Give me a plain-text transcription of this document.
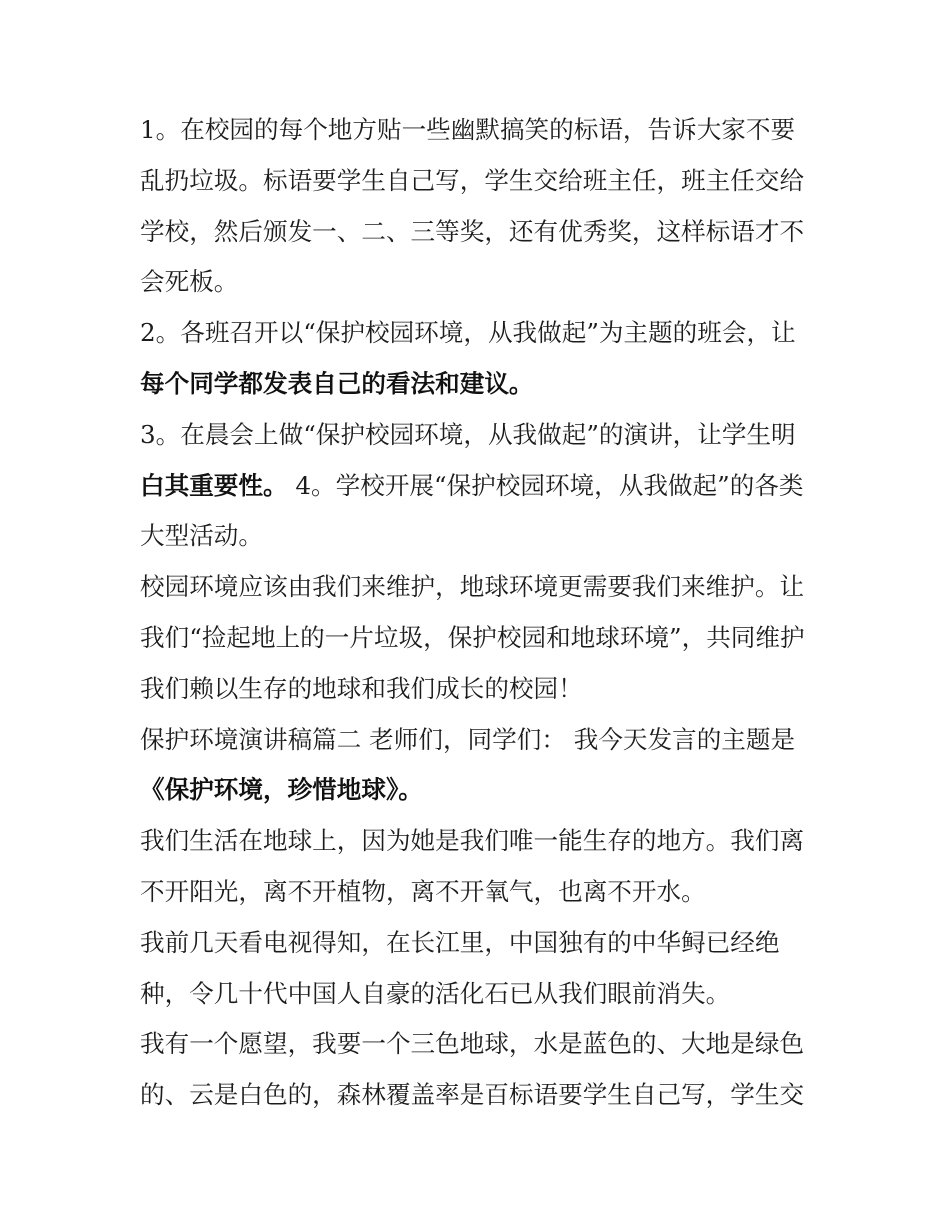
1。在校园的每个地方贴一些幽默搞笑的标语，告诉大家不要
乱扔垃圾。标语要学生自己写，学生交给班主任，班主任交给
学校，然后颁发一、二、三等奖，还有优秀奖，这样标语才不
会死板。
2。各班召开以“保护校园环境，从我做起”为主题的班会，让
每个同学都发表自己的看法和建议。
3。在晨会上做“保护校园环境，从我做起”的演讲，让学生明
白其重要性。 4。学校开展“保护校园环境，从我做起”的各类
大型活动。
校园环境应该由我们来维护，地球环境更需要我们来维护。让
我们“捡起地上的一片垃圾，保护校园和地球环境”，共同维护
我们赖以生存的地球和我们成长的校园！
保护环境演讲稿篇二 老师们，同学们： 我今天发言的主题是
《保护环境，珍惜地球》。
我们生活在地球上，因为她是我们唯一能生存的地方。我们离
不开阳光，离不开植物，离不开氧气，也离不开水。
我前几天看电视得知，在长江里，中国独有的中华鲟已经绝
种，令几十代中国人自豪的活化石已从我们眼前消失。
我有一个愿望，我要一个三色地球，水是蓝色的、大地是绿色
的、云是白色的，森林覆盖率是百标语要学生自己写，学生交
